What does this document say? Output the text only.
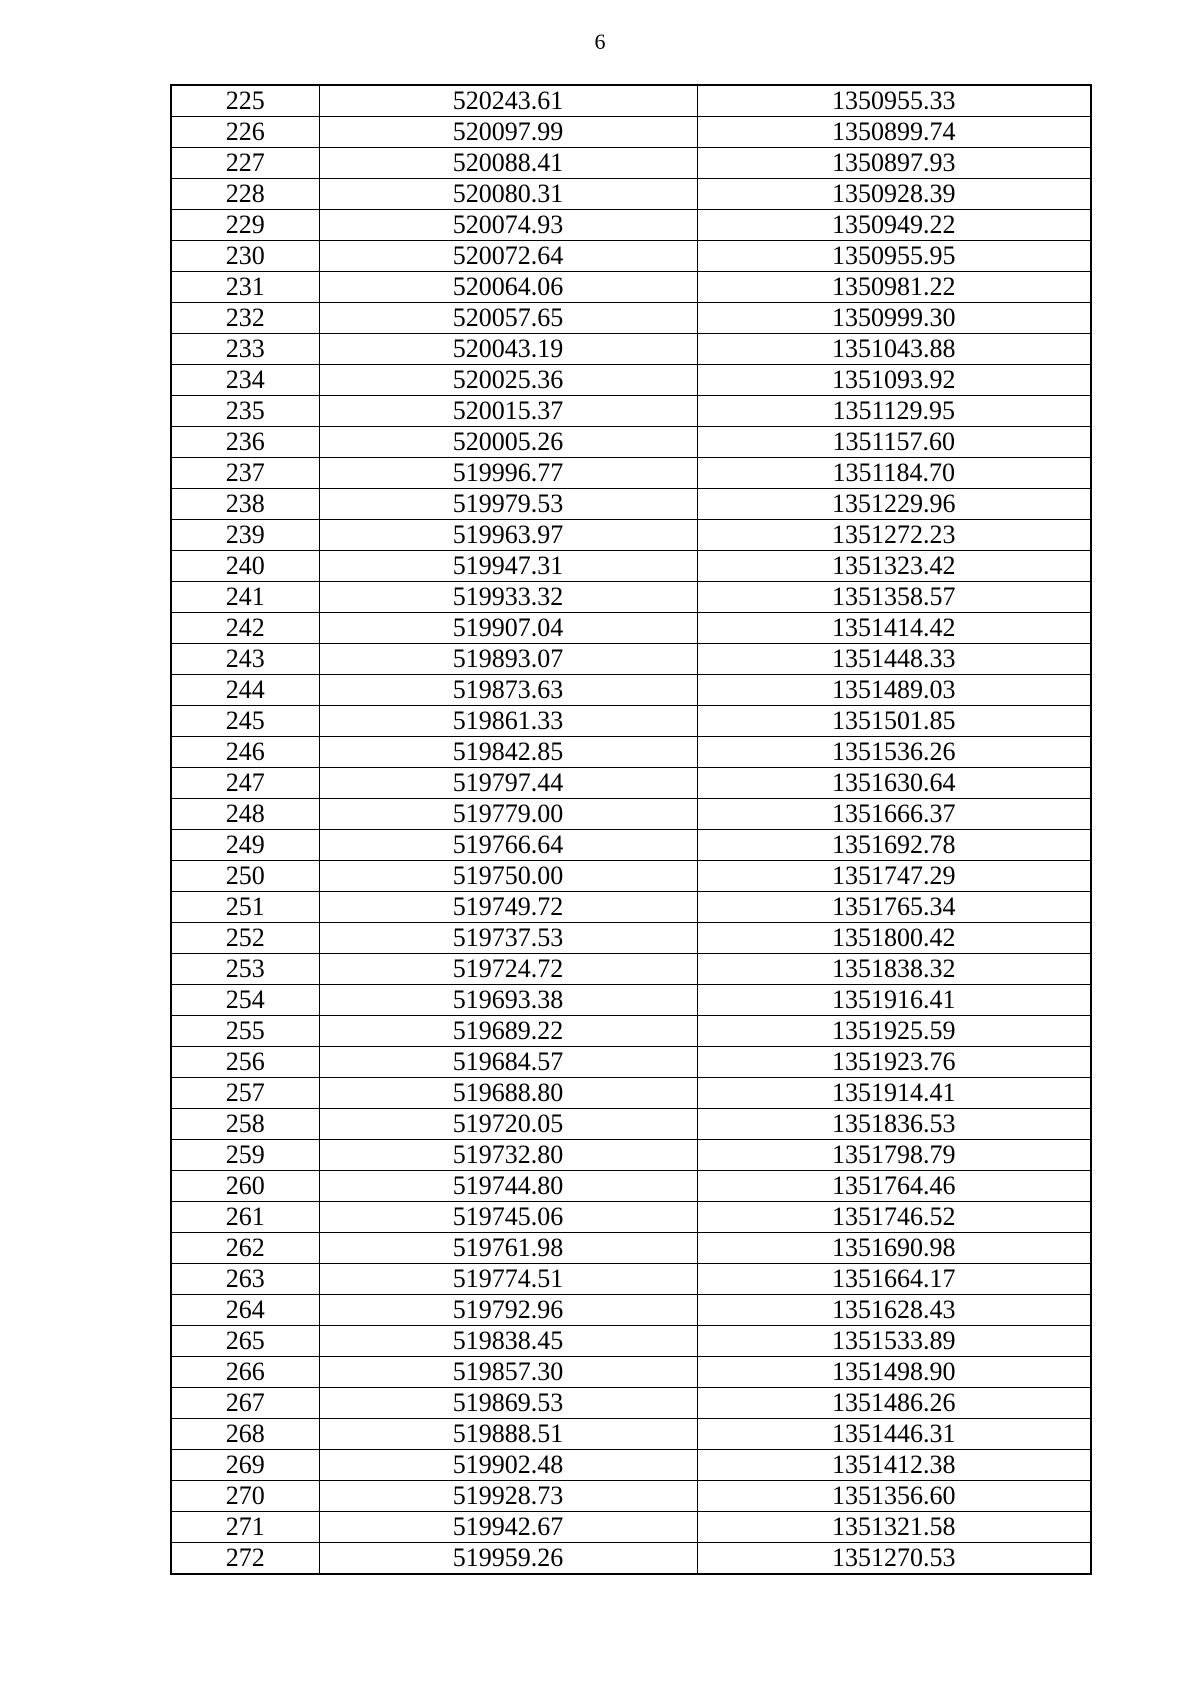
6
225	520243.61	1350955.33
226	520097.99	1350899.74
227	520088.41	1350897.93
228	520080.31	1350928.39
229	520074.93	1350949.22
230	520072.64	1350955.95
231	520064.06	1350981.22
232	520057.65	1350999.30
233	520043.19	1351043.88
234	520025.36	1351093.92
235	520015.37	1351129.95
236	520005.26	1351157.60
237	519996.77	1351184.70
238	519979.53	1351229.96
239	519963.97	1351272.23
240	519947.31	1351323.42
241	519933.32	1351358.57
242	519907.04	1351414.42
243	519893.07	1351448.33
244	519873.63	1351489.03
245	519861.33	1351501.85
246	519842.85	1351536.26
247	519797.44	1351630.64
248	519779.00	1351666.37
249	519766.64	1351692.78
250	519750.00	1351747.29
251	519749.72	1351765.34
252	519737.53	1351800.42
253	519724.72	1351838.32
254	519693.38	1351916.41
255	519689.22	1351925.59
256	519684.57	1351923.76
257	519688.80	1351914.41
258	519720.05	1351836.53
259	519732.80	1351798.79
260	519744.80	1351764.46
261	519745.06	1351746.52
262	519761.98	1351690.98
263	519774.51	1351664.17
264	519792.96	1351628.43
265	519838.45	1351533.89
266	519857.30	1351498.90
267	519869.53	1351486.26
268	519888.51	1351446.31
269	519902.48	1351412.38
270	519928.73	1351356.60
271	519942.67	1351321.58
272	519959.26	1351270.53
